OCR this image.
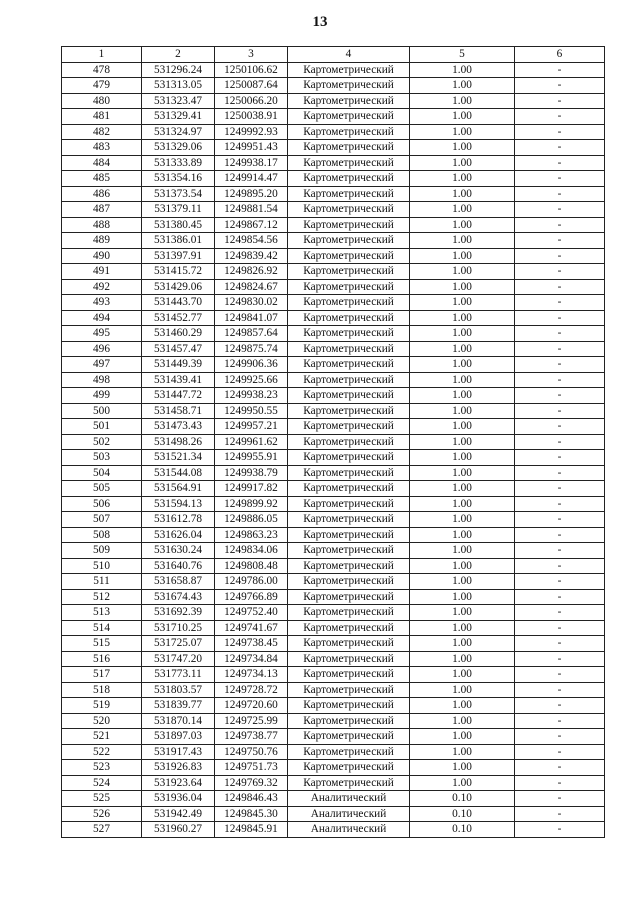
13
1	2	3	4	5	6
478	531296.24	1250106.62	Картометрический	1.00	-
479	531313.05	1250087.64	Картометрический	1.00	-
480	531323.47	1250066.20	Картометрический	1.00	-
481	531329.41	1250038.91	Картометрический	1.00	-
482	531324.97	1249992.93	Картометрический	1.00	-
483	531329.06	1249951.43	Картометрический	1.00	-
484	531333.89	1249938.17	Картометрический	1.00	-
485	531354.16	1249914.47	Картометрический	1.00	-
486	531373.54	1249895.20	Картометрический	1.00	-
487	531379.11	1249881.54	Картометрический	1.00	-
488	531380.45	1249867.12	Картометрический	1.00	-
489	531386.01	1249854.56	Картометрический	1.00	-
490	531397.91	1249839.42	Картометрический	1.00	-
491	531415.72	1249826.92	Картометрический	1.00	-
492	531429.06	1249824.67	Картометрический	1.00	-
493	531443.70	1249830.02	Картометрический	1.00	-
494	531452.77	1249841.07	Картометрический	1.00	-
495	531460.29	1249857.64	Картометрический	1.00	-
496	531457.47	1249875.74	Картометрический	1.00	-
497	531449.39	1249906.36	Картометрический	1.00	-
498	531439.41	1249925.66	Картометрический	1.00	-
499	531447.72	1249938.23	Картометрический	1.00	-
500	531458.71	1249950.55	Картометрический	1.00	-
501	531473.43	1249957.21	Картометрический	1.00	-
502	531498.26	1249961.62	Картометрический	1.00	-
503	531521.34	1249955.91	Картометрический	1.00	-
504	531544.08	1249938.79	Картометрический	1.00	-
505	531564.91	1249917.82	Картометрический	1.00	-
506	531594.13	1249899.92	Картометрический	1.00	-
507	531612.78	1249886.05	Картометрический	1.00	-
508	531626.04	1249863.23	Картометрический	1.00	-
509	531630.24	1249834.06	Картометрический	1.00	-
510	531640.76	1249808.48	Картометрический	1.00	-
511	531658.87	1249786.00	Картометрический	1.00	-
512	531674.43	1249766.89	Картометрический	1.00	-
513	531692.39	1249752.40	Картометрический	1.00	-
514	531710.25	1249741.67	Картометрический	1.00	-
515	531725.07	1249738.45	Картометрический	1.00	-
516	531747.20	1249734.84	Картометрический	1.00	-
517	531773.11	1249734.13	Картометрический	1.00	-
518	531803.57	1249728.72	Картометрический	1.00	-
519	531839.77	1249720.60	Картометрический	1.00	-
520	531870.14	1249725.99	Картометрический	1.00	-
521	531897.03	1249738.77	Картометрический	1.00	-
522	531917.43	1249750.76	Картометрический	1.00	-
523	531926.83	1249751.73	Картометрический	1.00	-
524	531923.64	1249769.32	Картометрический	1.00	-
525	531936.04	1249846.43	Аналитический	0.10	-
526	531942.49	1249845.30	Аналитический	0.10	-
527	531960.27	1249845.91	Аналитический	0.10	-
